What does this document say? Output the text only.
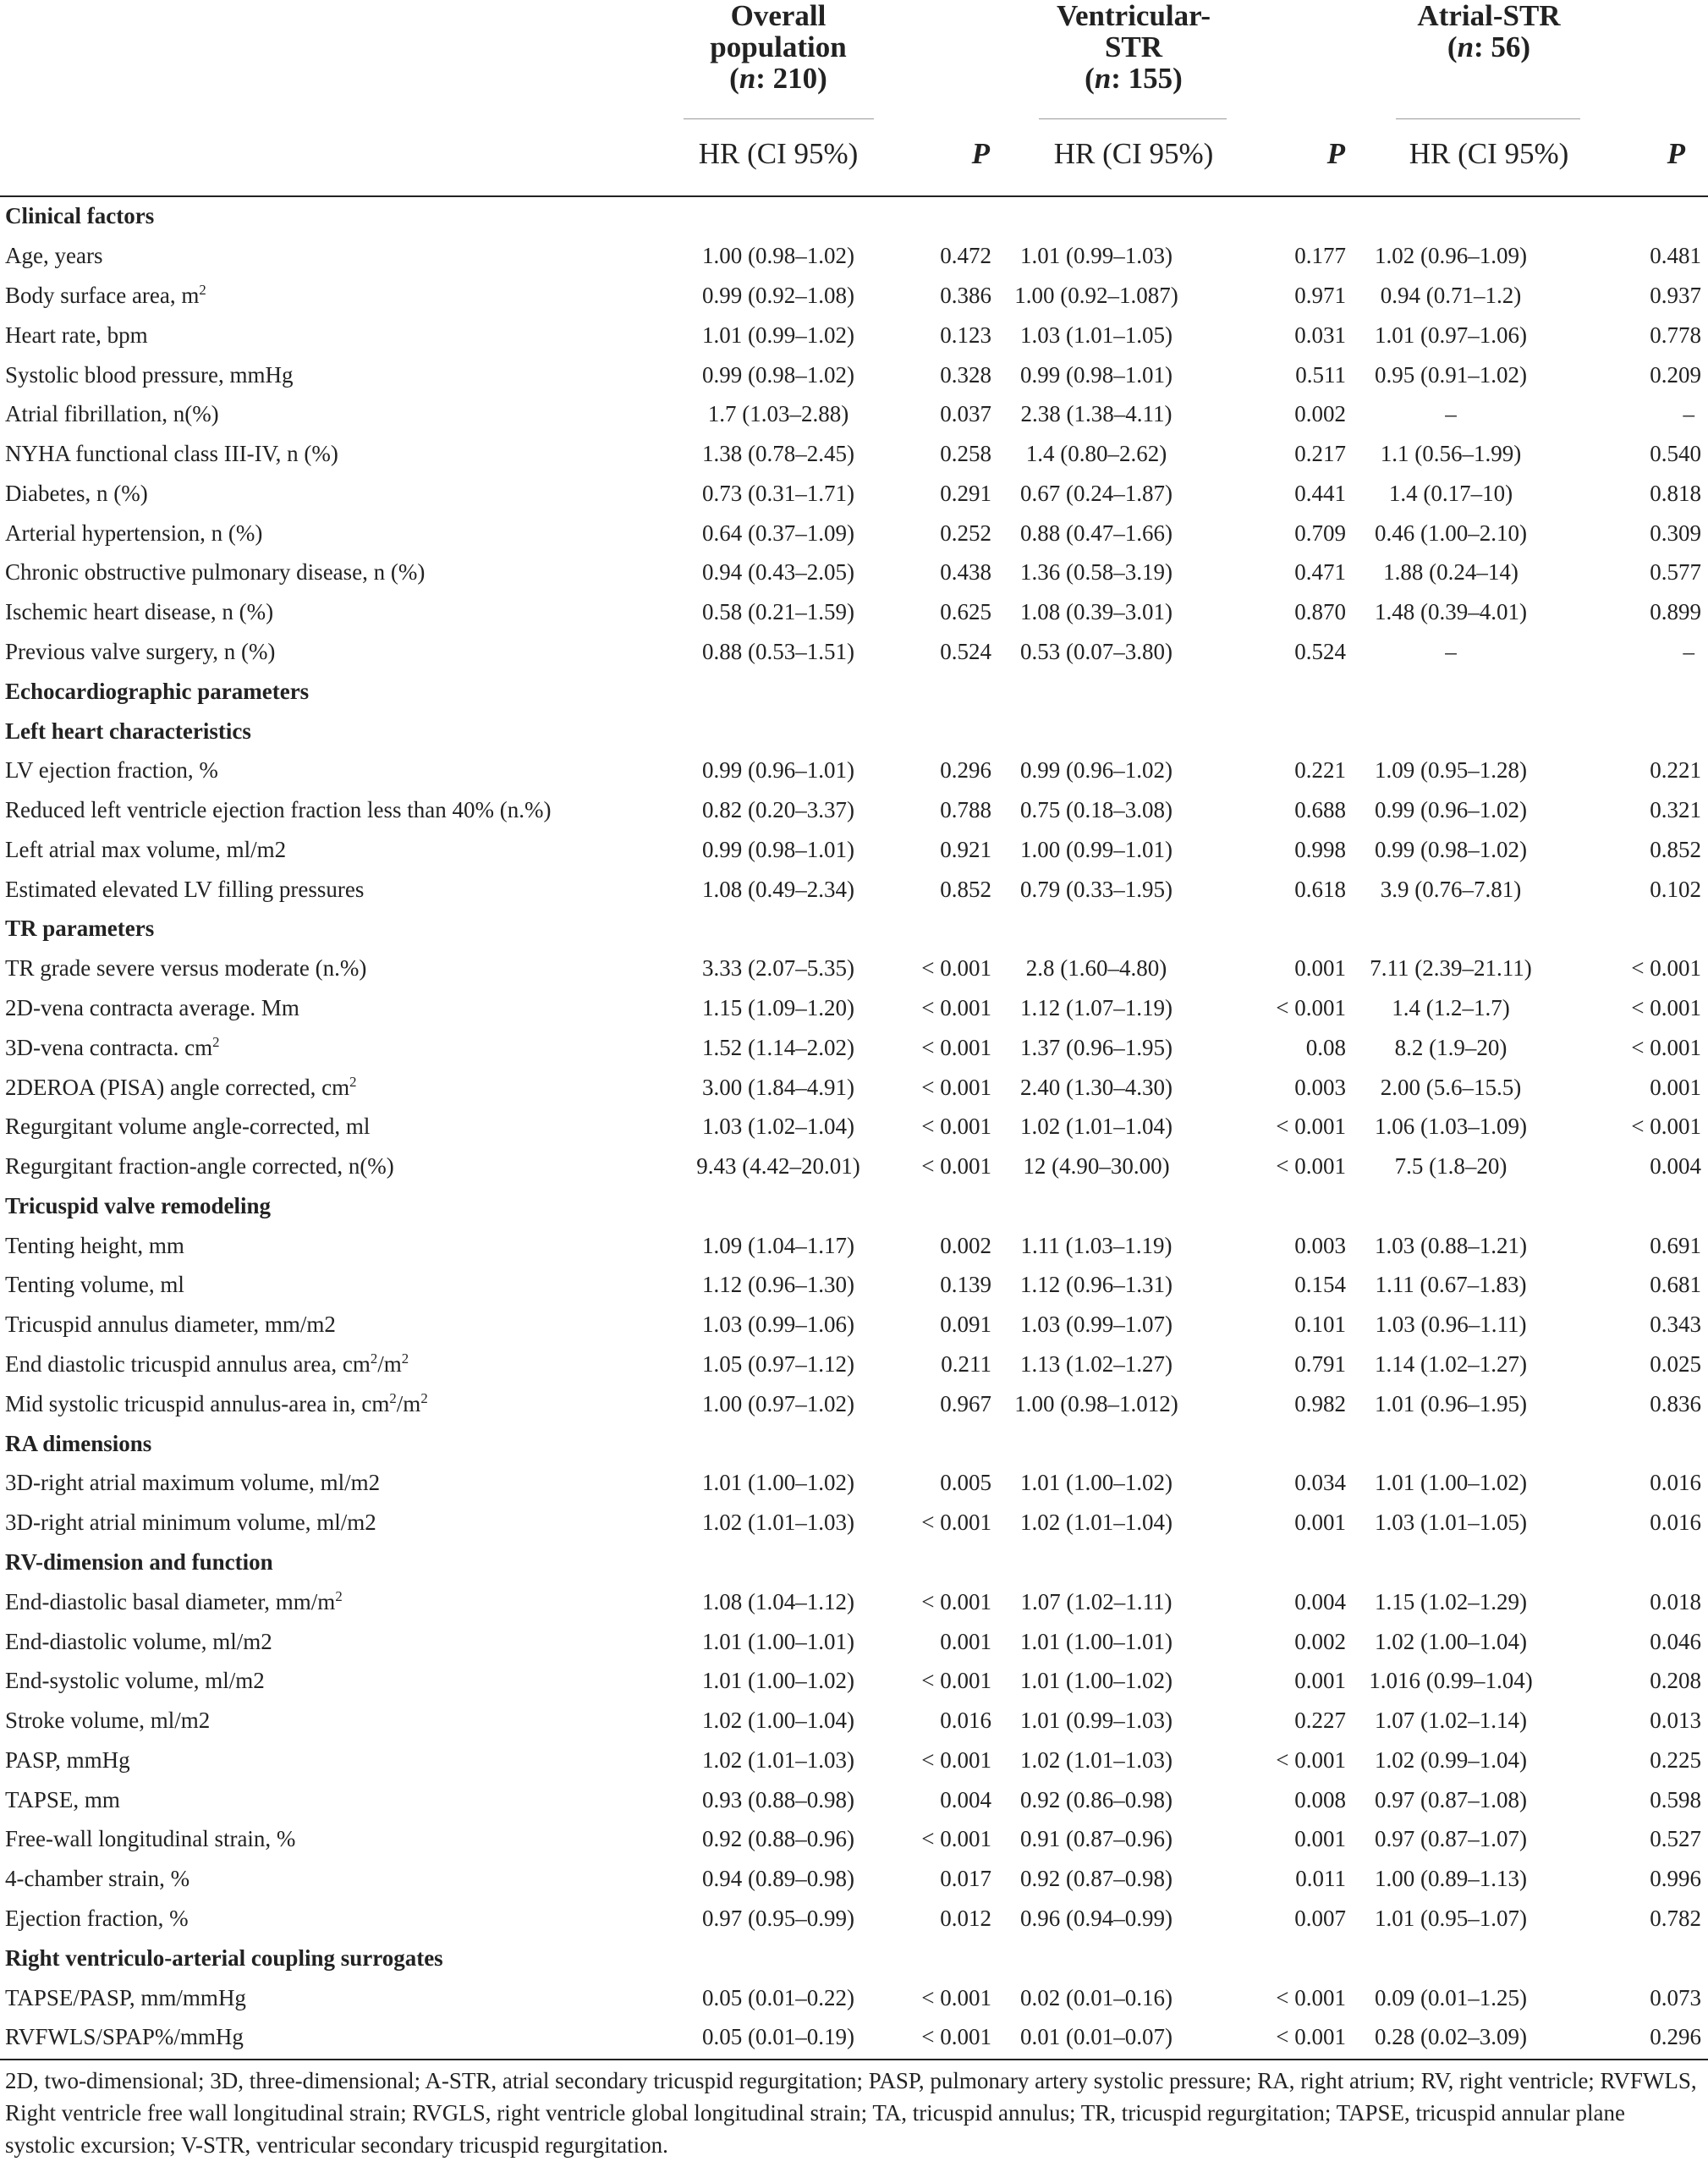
Overall
population
(n: 210)
Ventricular-
STR
(n: 155)
Atrial-STR
(n: 56)
HR (CI 95%)	P	HR (CI 95%)	P	HR (CI 95%)	P
Clinical factors						
Age, years	1.00 (0.98–1.02)	0.472	1.01 (0.99–1.03)	0.177	1.02 (0.96–1.09)	0.481
Body surface area, $m^2$	0.99 (0.92–1.08)	0.386	1.00 (0.92–1.087)	0.971	0.94 (0.71–1.2)	0.937
Heart rate, bpm	1.01 (0.99–1.02)	0.123	1.03 (1.01–1.05)	0.031	1.01 (0.97–1.06)	0.778
Systolic blood pressure, mmHg	0.99 (0.98–1.02)	0.328	0.99 (0.98–1.01)	0.511	0.95 (0.91–1.02)	0.209
Atrial fibrillation, n(%)	1.7 (1.03–2.88)	0.037	2.38 (1.38–4.11)	0.002	–	–
NYHA functional class III-IV, n (%)	1.38 (0.78–2.45)	0.258	1.4 (0.80–2.62)	0.217	1.1 (0.56–1.99)	0.540
Diabetes, n (%)	0.73 (0.31–1.71)	0.291	0.67 (0.24–1.87)	0.441	1.4 (0.17–10)	0.818
Arterial hypertension, n (%)	0.64 (0.37–1.09)	0.252	0.88 (0.47–1.66)	0.709	0.46 (1.00–2.10)	0.309
Chronic obstructive pulmonary disease, n (%)	0.94 (0.43–2.05)	0.438	1.36 (0.58–3.19)	0.471	1.88 (0.24–14)	0.577
Ischemic heart disease, n (%)	0.58 (0.21–1.59)	0.625	1.08 (0.39–3.01)	0.870	1.48 (0.39–4.01)	0.899
Previous valve surgery, n (%)	0.88 (0.53–1.51)	0.524	0.53 (0.07–3.80)	0.524	–	–
Echocardiographic parameters						
Left heart characteristics						
LV ejection fraction, %	0.99 (0.96–1.01)	0.296	0.99 (0.96–1.02)	0.221	1.09 (0.95–1.28)	0.221
Reduced left ventricle ejection fraction less than 40% (n.%)	0.82 (0.20–3.37)	0.788	0.75 (0.18–3.08)	0.688	0.99 (0.96–1.02)	0.321
Left atrial max volume, ml/m2	0.99 (0.98–1.01)	0.921	1.00 (0.99–1.01)	0.998	0.99 (0.98–1.02)	0.852
Estimated elevated LV filling pressures	1.08 (0.49–2.34)	0.852	0.79 (0.33–1.95)	0.618	3.9 (0.76–7.81)	0.102
TR parameters						
TR grade severe versus moderate (n.%)	3.33 (2.07–5.35)	< 0.001	2.8 (1.60–4.80)	0.001	7.11 (2.39–21.11)	< 0.001
2D-vena contracta average. Mm	1.15 (1.09–1.20)	< 0.001	1.12 (1.07–1.19)	< 0.001	1.4 (1.2–1.7)	< 0.001
3D-vena contracta. $cm^2$	1.52 (1.14–2.02)	< 0.001	1.37 (0.96–1.95)	0.08	8.2 (1.9–20)	< 0.001
2DEROA (PISA) angle corrected, $cm^2$	3.00 (1.84–4.91)	< 0.001	2.40 (1.30–4.30)	0.003	2.00 (5.6–15.5)	0.001
Regurgitant volume angle-corrected, ml	1.03 (1.02–1.04)	< 0.001	1.02 (1.01–1.04)	< 0.001	1.06 (1.03–1.09)	< 0.001
Regurgitant fraction-angle corrected, n(%)	9.43 (4.42–20.01)	< 0.001	12 (4.90–30.00)	< 0.001	7.5 (1.8–20)	0.004
Tricuspid valve remodeling						
Tenting height, mm	1.09 (1.04–1.17)	0.002	1.11 (1.03–1.19)	0.003	1.03 (0.88–1.21)	0.691
Tenting volume, ml	1.12 (0.96–1.30)	0.139	1.12 (0.96–1.31)	0.154	1.11 (0.67–1.83)	0.681
Tricuspid annulus diameter, mm/m2	1.03 (0.99–1.06)	0.091	1.03 (0.99–1.07)	0.101	1.03 (0.96–1.11)	0.343
End diastolic tricuspid annulus area, $cm^2/m^2$	1.05 (0.97–1.12)	0.211	1.13 (1.02–1.27)	0.791	1.14 (1.02–1.27)	0.025
Mid systolic tricuspid annulus-area in, $cm^2/m^2$	1.00 (0.97–1.02)	0.967	1.00 (0.98–1.012)	0.982	1.01 (0.96–1.95)	0.836
RA dimensions						
3D-right atrial maximum volume, ml/m2	1.01 (1.00–1.02)	0.005	1.01 (1.00–1.02)	0.034	1.01 (1.00–1.02)	0.016
3D-right atrial minimum volume, ml/m2	1.02 (1.01–1.03)	< 0.001	1.02 (1.01–1.04)	0.001	1.03 (1.01–1.05)	0.016
RV-dimension and function						
End-diastolic basal diameter, $mm/m^2$	1.08 (1.04–1.12)	< 0.001	1.07 (1.02–1.11)	0.004	1.15 (1.02–1.29)	0.018
End-diastolic volume, ml/m2	1.01 (1.00–1.01)	0.001	1.01 (1.00–1.01)	0.002	1.02 (1.00–1.04)	0.046
End-systolic volume, ml/m2	1.01 (1.00–1.02)	< 0.001	1.01 (1.00–1.02)	0.001	1.016 (0.99–1.04)	0.208
Stroke volume, ml/m2	1.02 (1.00–1.04)	0.016	1.01 (0.99–1.03)	0.227	1.07 (1.02–1.14)	0.013
PASP, mmHg	1.02 (1.01–1.03)	< 0.001	1.02 (1.01–1.03)	< 0.001	1.02 (0.99–1.04)	0.225
TAPSE, mm	0.93 (0.88–0.98)	0.004	0.92 (0.86–0.98)	0.008	0.97 (0.87–1.08)	0.598
Free-wall longitudinal strain, %	0.92 (0.88–0.96)	< 0.001	0.91 (0.87–0.96)	0.001	0.97 (0.87–1.07)	0.527
4-chamber strain, %	0.94 (0.89–0.98)	0.017	0.92 (0.87–0.98)	0.011	1.00 (0.89–1.13)	0.996
Ejection fraction, %	0.97 (0.95–0.99)	0.012	0.96 (0.94–0.99)	0.007	1.01 (0.95–1.07)	0.782
Right ventriculo-arterial coupling surrogates						
TAPSE/PASP, mm/mmHg	0.05 (0.01–0.22)	< 0.001	0.02 (0.01–0.16)	< 0.001	0.09 (0.01–1.25)	0.073
RVFWLS/SPAP%/mmHg	0.05 (0.01–0.19)	< 0.001	0.01 (0.01–0.07)	< 0.001	0.28 (0.02–3.09)	0.296
2D, two-dimensional; 3D, three-dimensional; A-STR, atrial secondary tricuspid regurgitation; PASP, pulmonary artery systolic pressure; RA, right atrium; RV, right ventricle; RVFWLS, Right ventricle free wall longitudinal strain; RVGLS, right ventricle global longitudinal strain; TA, tricuspid annulus; TR, tricuspid regurgitation; TAPSE, tricuspid annular plane systolic excursion; V-STR, ventricular secondary tricuspid regurgitation.
